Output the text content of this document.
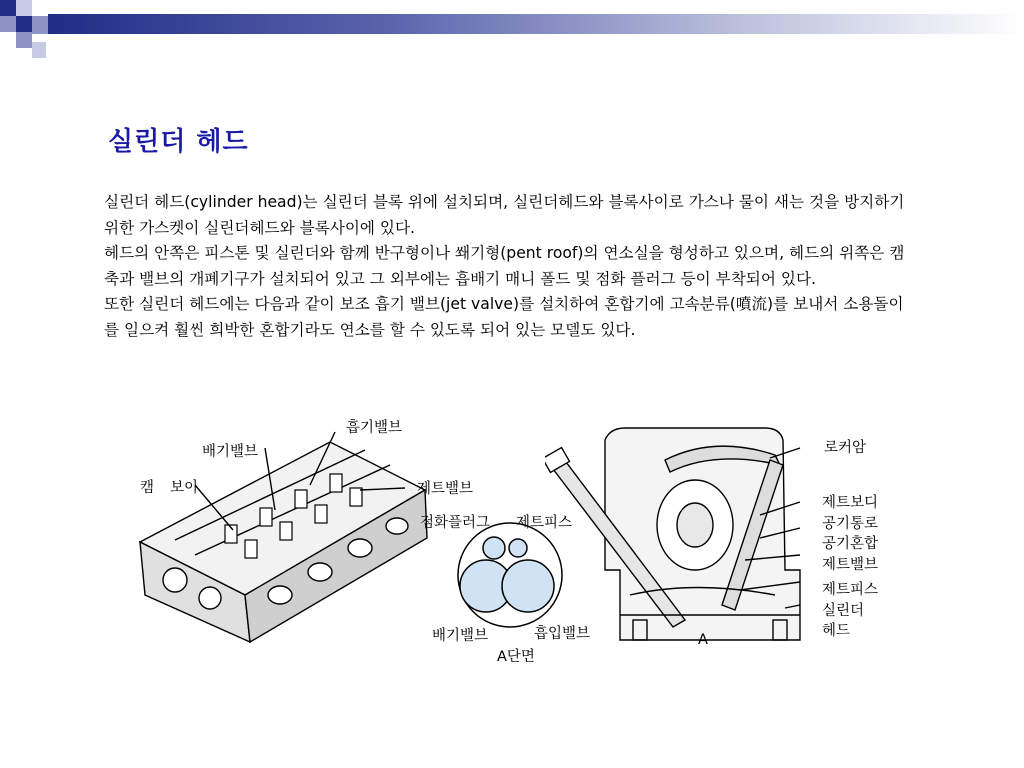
실린더 헤드

실린더 헤드(cylinder head)는 실린더 블록 위에 설치되며, 실린더헤드와 블록사이로 가스나 물이 새는 것을 방지하기 위한 가스켓이 실린더헤드와 블록사이에 있다.

헤드의 안쪽은 피스톤 및 실린더와 함께 반구형이나 쐐기형(pent roof)의 연소실을 형성하고 있으며, 헤드의 위쪽은 캠축과 밸브의 개폐기구가 설치되어 있고 그 외부에는 흡배기 매니 폴드 및 점화 플러그 등이 부착되어 있다.

또한 실린더 헤드에는 다음과 같이 보조 흡기 밸브(jet valve)를 설치하여 혼합기에 고속분류(噴流)를 보내서 소용돌이를 일으켜 훨씬 희박한 혼합기라도 연소를 할 수 있도록 되어 있는 모델도 있다.

흡기밸브
배기밸브
캠 보이	제트밸브
점화플러그 제트피스
배기밸브	흡입밸브
A단면
로커암
제트보디
공기통로
공기혼합
제트밸브
제트피스
실린더
헤드
A
